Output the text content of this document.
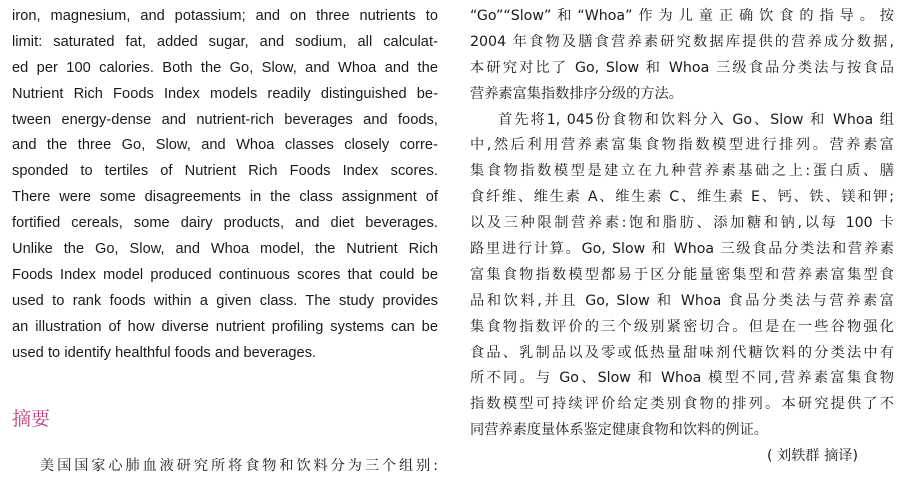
iron, magnesium, and potassium; and on three nutrients to
limit: saturated fat, added sugar, and sodium, all calculat-
ed per 100 calories. Both the Go, Slow, and Whoa and the
Nutrient Rich Foods Index models readily distinguished be-
tween energy-dense and nutrient-rich beverages and foods,
and the three Go, Slow, and Whoa classes closely corre-
sponded to tertiles of Nutrient Rich Foods Index scores.
There were some disagreements in the class assignment of
fortified cereals, some dairy products, and diet beverages.
Unlike the Go, Slow, and Whoa model, the Nutrient Rich
Foods Index model produced continuous scores that could be
used to rank foods within a given class. The study provides
an illustration of how diverse nutrient profiling systems can be
used to identify healthful foods and beverages.
摘要
美国国家心肺血液研究所将食物和饮料分为三个组别:
“Go”“Slow”和“Whoa”作为儿童正确饮食的指导。按
2004 年食物及膳食营养素研究数据库提供的营养成分数据,
本研究对比了 Go, Slow 和 Whoa 三级食品分类法与按食品
营养素富集指数排序分级的方法。
首先将1, 045份食物和饮料分入 Go、Slow 和 Whoa 组
中,然后利用营养素富集食物指数模型进行排列。营养素富
集食物指数模型是建立在九种营养素基础之上:蛋白质、膳
食纤维、维生素 A、维生素 C、维生素 E、钙、铁、镁和钾;
以及三种限制营养素:饱和脂肪、添加糖和钠,以每 100 卡
路里进行计算。Go, Slow 和 Whoa 三级食品分类法和营养素
富集食物指数模型都易于区分能量密集型和营养素富集型食
品和饮料,并且 Go, Slow 和 Whoa 食品分类法与营养素富
集食物指数评价的三个级别紧密切合。但是在一些谷物强化
食品、乳制品以及零或低热量甜味剂代糖饮料的分类法中有
所不同。与 Go、Slow 和 Whoa 模型不同,营养素富集食物
指数模型可持续评价给定类别食物的排列。本研究提供了不
同营养素度量体系鉴定健康食物和饮料的例证。
( 刘轶群 摘译)
